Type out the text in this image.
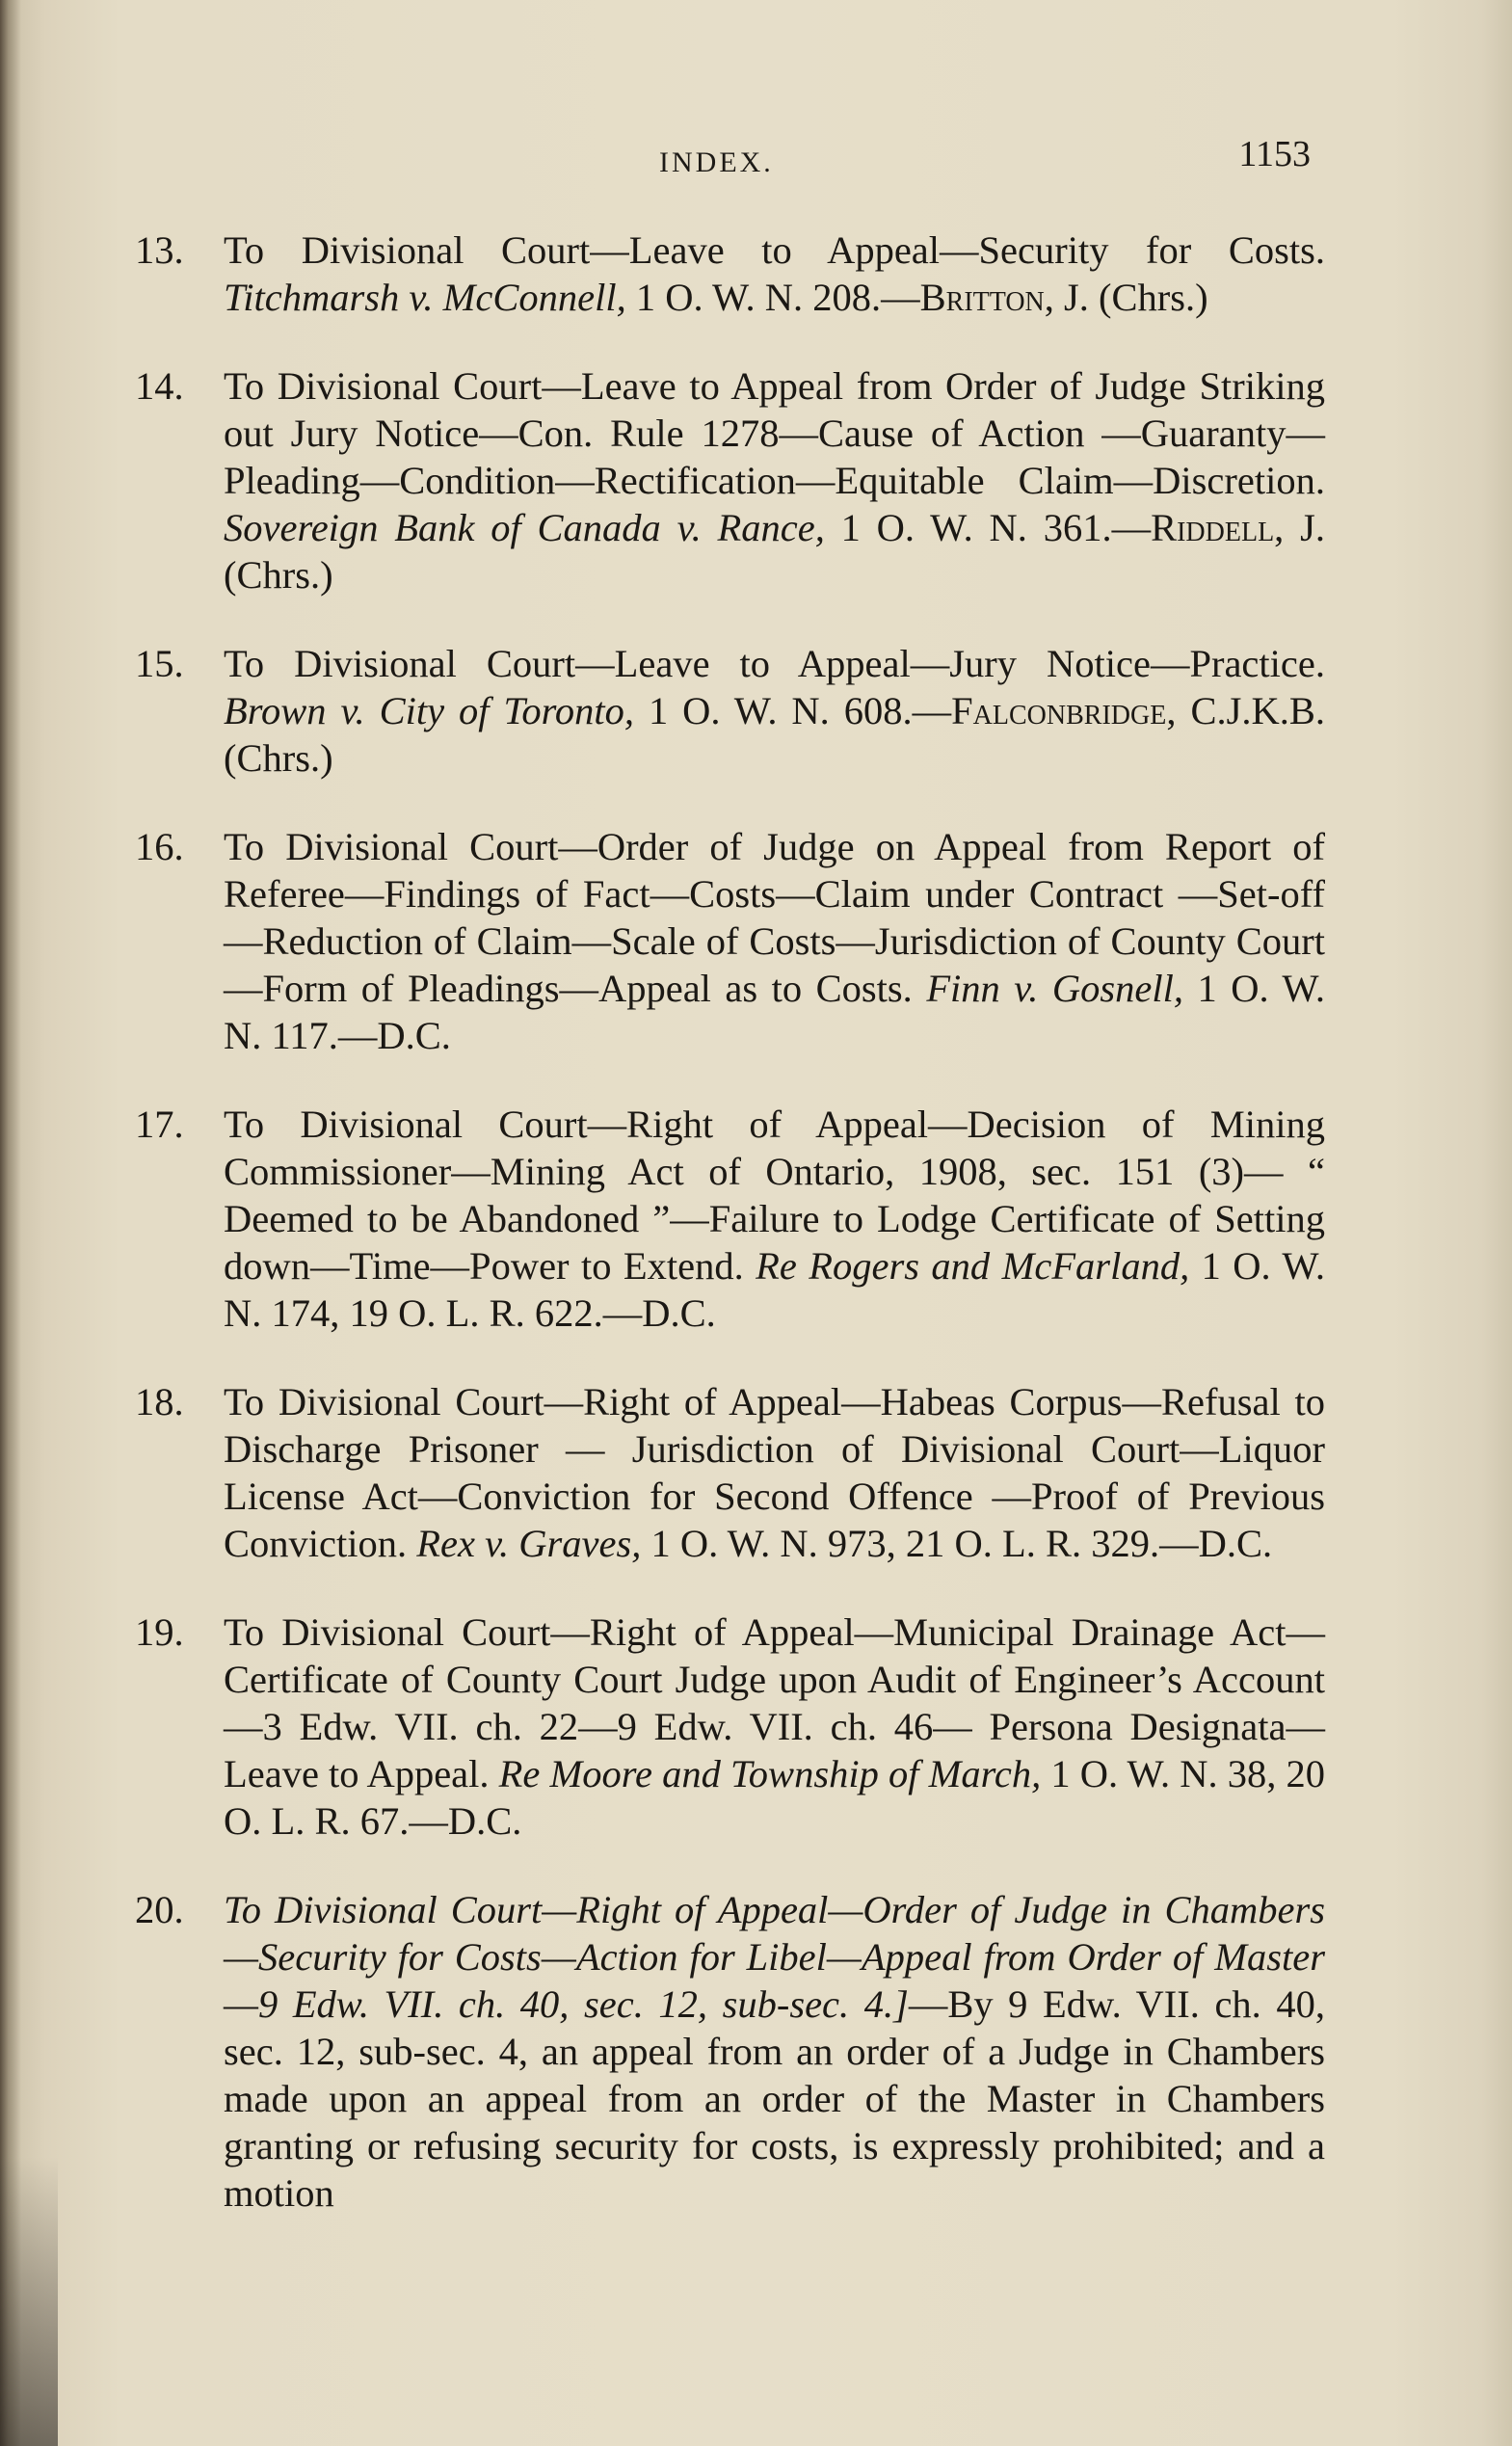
INDEX.	1153
13. To Divisional Court—Leave to Appeal—Security for Costs. Titchmarsh v. McConnell, 1 O. W. N. 208.—Britton, J. (Chrs.)
14. To Divisional Court—Leave to Appeal from Order of Judge Striking out Jury Notice—Con. Rule 1278—Cause of Action —Guaranty—Pleading—Condition—Rectification—Equitable Claim—Discretion. Sovereign Bank of Canada v. Rance, 1 O. W. N. 361.—Riddell, J. (Chrs.)
15. To Divisional Court—Leave to Appeal—Jury Notice—Practice. Brown v. City of Toronto, 1 O. W. N. 608.—Falconbridge, C.J.K.B. (Chrs.)
16. To Divisional Court—Order of Judge on Appeal from Report of Referee—Findings of Fact—Costs—Claim under Contract —Set-off—Reduction of Claim—Scale of Costs—Jurisdiction of County Court—Form of Pleadings—Appeal as to Costs. Finn v. Gosnell, 1 O. W. N. 117.—D.C.
17. To Divisional Court—Right of Appeal—Decision of Mining Commissioner—Mining Act of Ontario, 1908, sec. 151 (3)— “ Deemed to be Abandoned ”—Failure to Lodge Certificate of Setting down—Time—Power to Extend. Re Rogers and McFarland, 1 O. W. N. 174, 19 O. L. R. 622.—D.C.
18. To Divisional Court—Right of Appeal—Habeas Corpus—Refusal to Discharge Prisoner — Jurisdiction of Divisional Court—Liquor License Act—Conviction for Second Offence —Proof of Previous Conviction. Rex v. Graves, 1 O. W. N. 973, 21 O. L. R. 329.—D.C.
19. To Divisional Court—Right of Appeal—Municipal Drainage Act—Certificate of County Court Judge upon Audit of Engineer’s Account—3 Edw. VII. ch. 22—9 Edw. VII. ch. 46— Persona Designata—Leave to Appeal. Re Moore and Township of March, 1 O. W. N. 38, 20 O. L. R. 67.—D.C.
20. To Divisional Court—Right of Appeal—Order of Judge in Chambers—Security for Costs—Action for Libel—Appeal from Order of Master—9 Edw. VII. ch. 40, sec. 12, sub-sec. 4.]—By 9 Edw. VII. ch. 40, sec. 12, sub-sec. 4, an appeal from an order of a Judge in Chambers made upon an appeal from an order of the Master in Chambers granting or refusing security for costs, is expressly prohibited; and a motion
